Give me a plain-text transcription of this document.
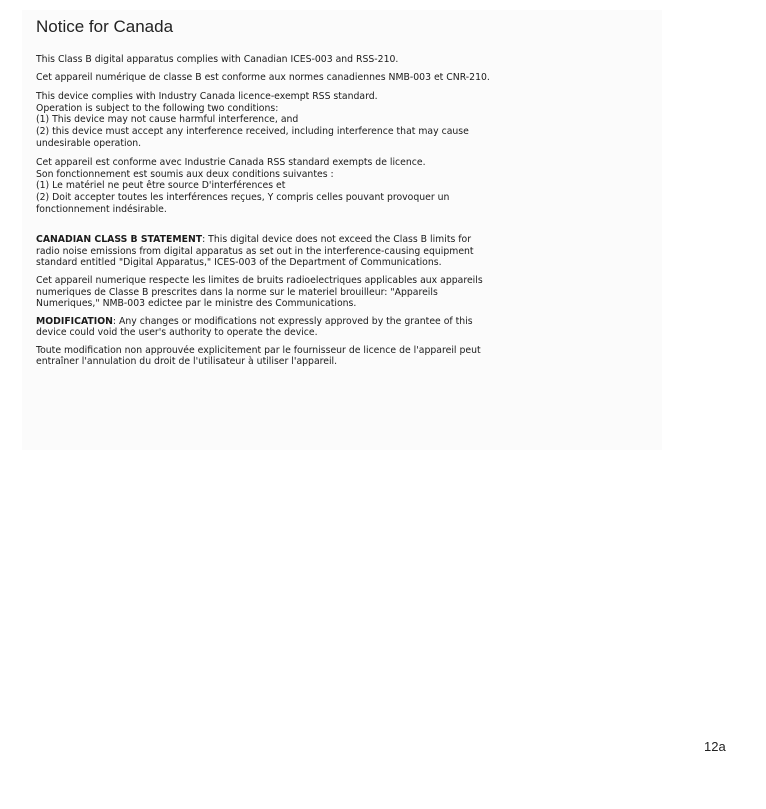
Notice for Canada

This Class B digital apparatus complies with Canadian ICES-003 and RSS-210.

Cet appareil numérique de classe B est conforme aux normes canadiennes NMB-003 et CNR-210.

This device complies with Industry Canada licence-exempt RSS standard.
Operation is subject to the following two conditions:
(1) This device may not cause harmful interference, and
(2) this device must accept any interference received, including interference that may cause
undesirable operation.
Cet appareil est conforme avec Industrie Canada RSS standard exempts de licence.
Son fonctionnement est soumis aux deux conditions suivantes :
(1) Le matériel ne peut être source D'interférences et
(2) Doit accepter toutes les interférences reçues, Y compris celles pouvant provoquer un
fonctionnement indésirable.
CANADIAN CLASS B STATEMENT: This digital device does not exceed the Class B limits for
radio noise emissions from digital apparatus as set out in the interference-causing equipment
standard entitled "Digital Apparatus," ICES-003 of the Department of Communications.
Cet appareil numerique respecte les limites de bruits radioelectriques applicables aux appareils
numeriques de Classe B prescrites dans la norme sur le materiel brouilleur: "Appareils
Numeriques," NMB-003 edictee par le ministre des Communications.
MODIFICATION: Any changes or modifications not expressly approved by the grantee of this
device could void the user's authority to operate the device.
Toute modification non approuvée explicitement par le fournisseur de licence de l'appareil peut
entraîner l'annulation du droit de l'utilisateur à utiliser l'appareil.
12a
